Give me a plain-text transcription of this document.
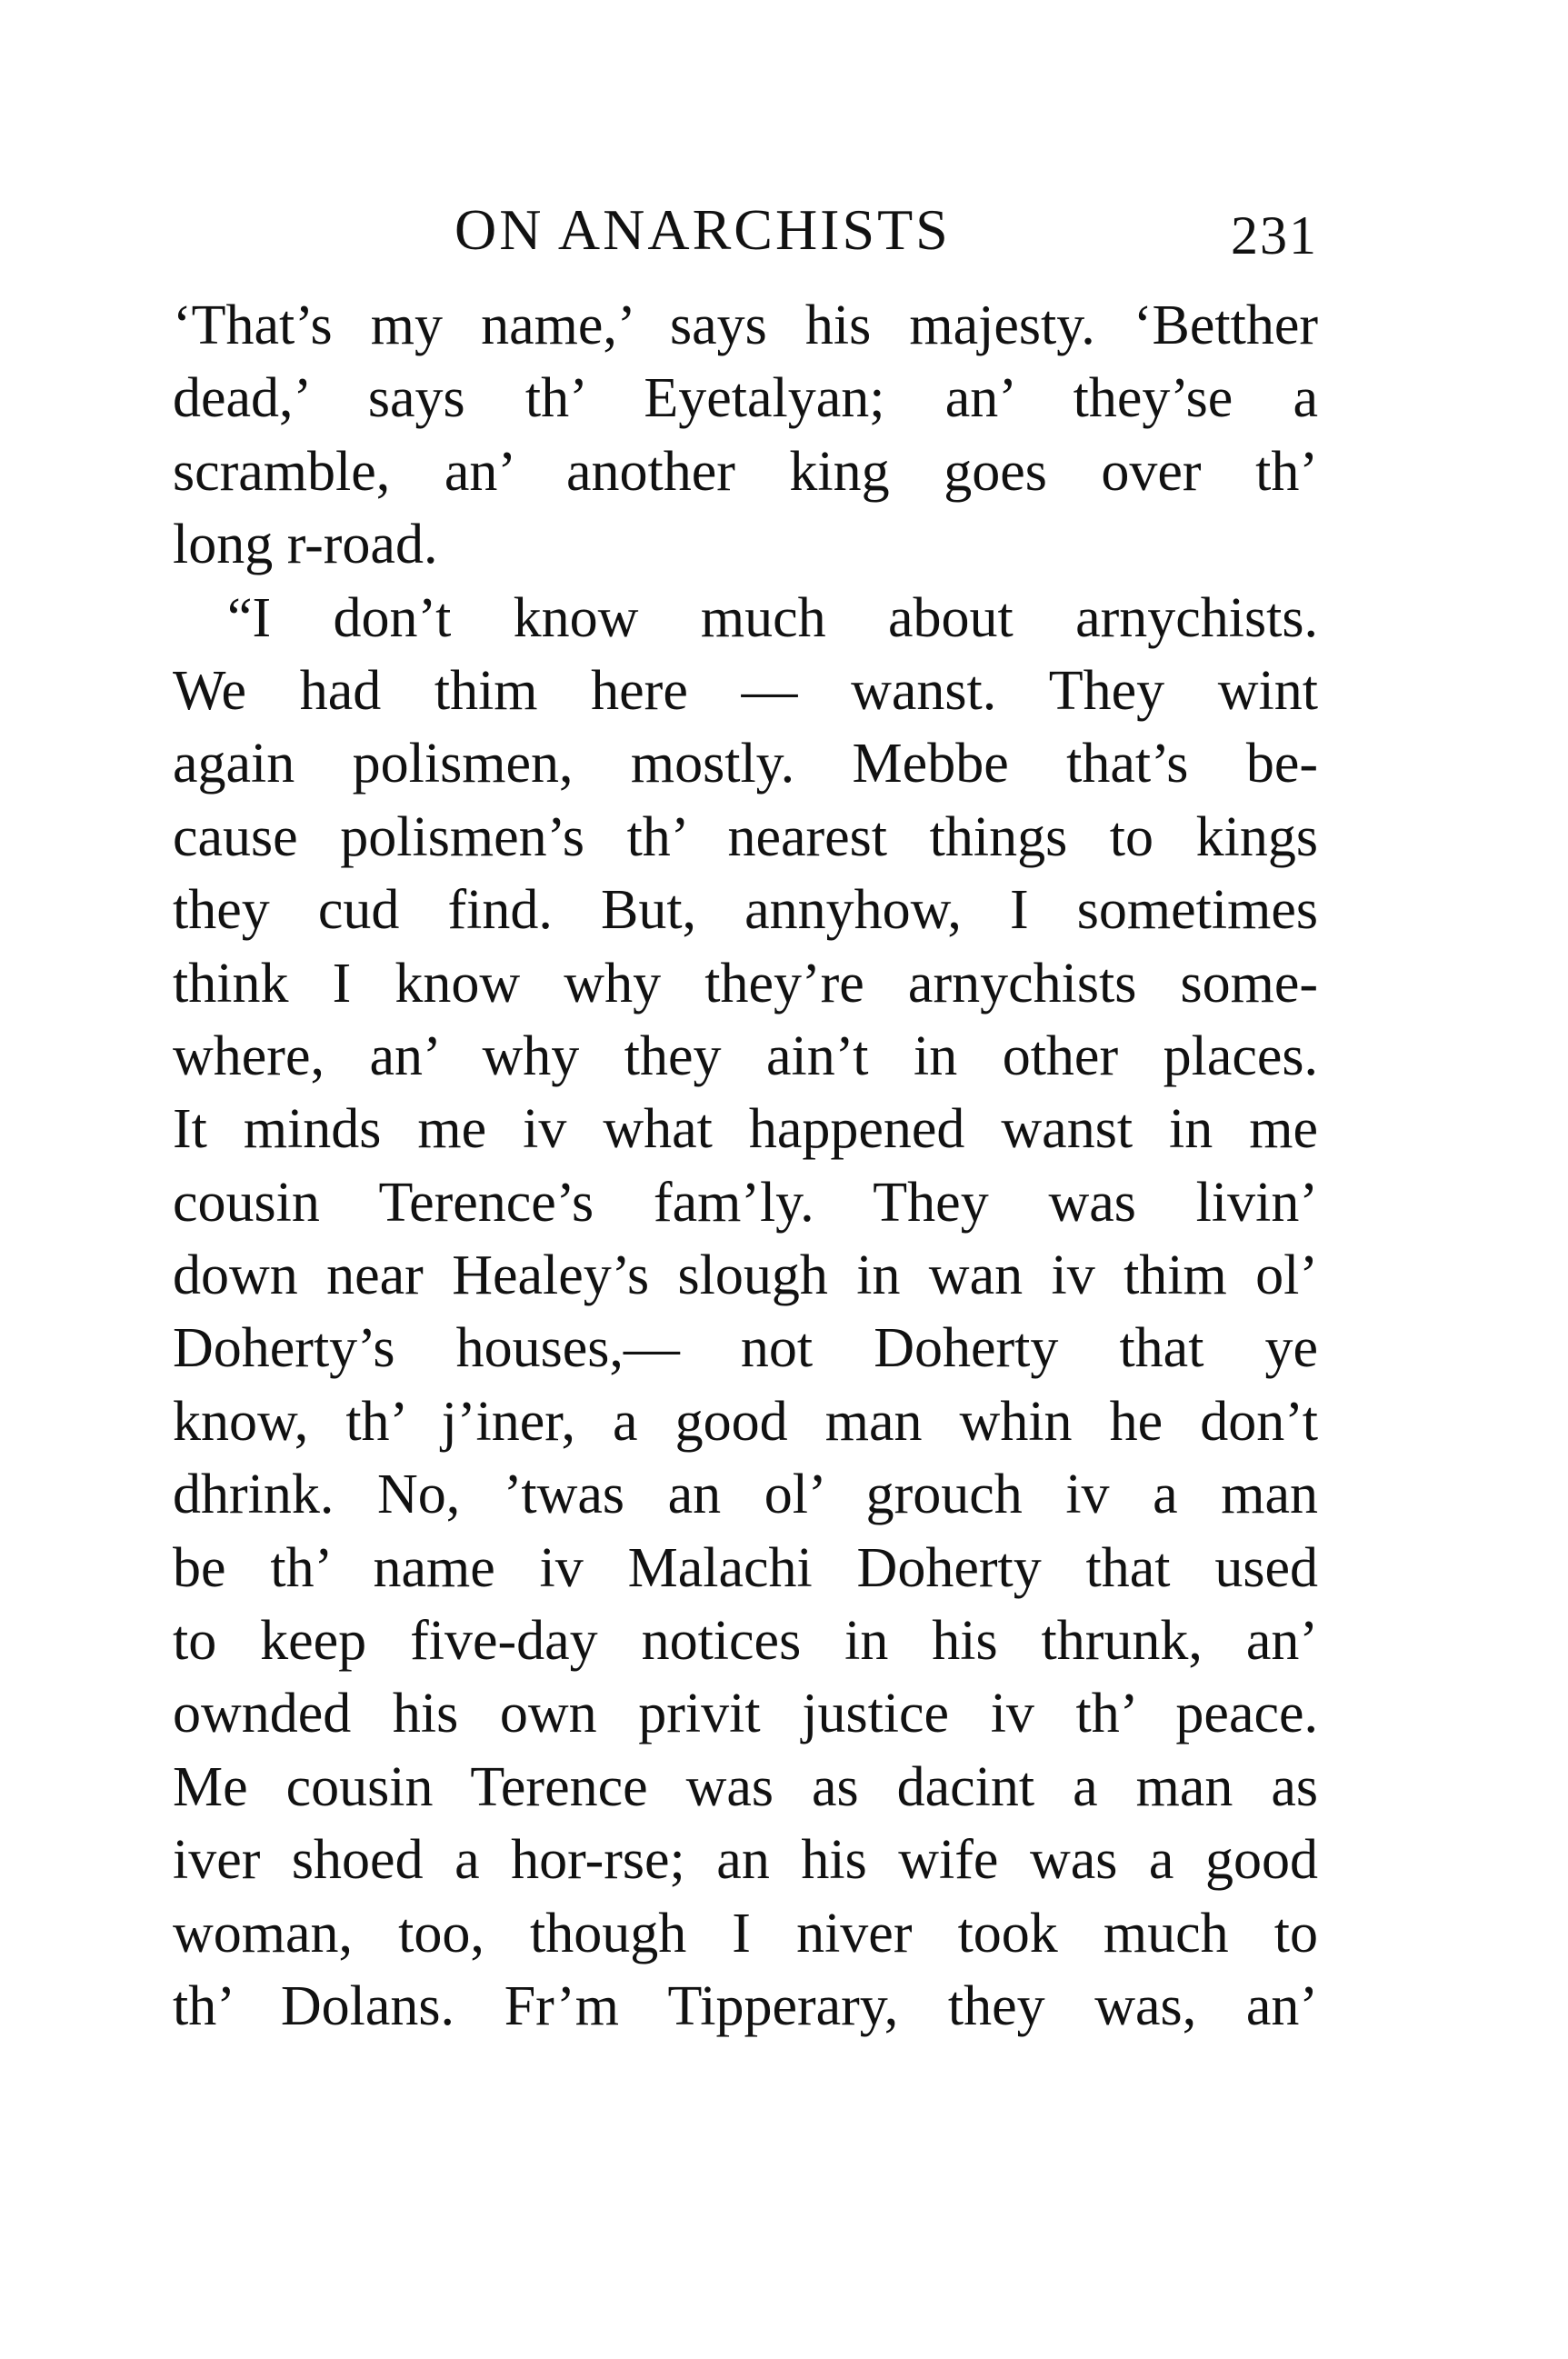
ON ANARCHISTS	231
‘That’s my name,’ says his majesty. ‘Betther
dead,’ says th’ Eyetalyan; an’ they’se a
scramble, an’ another king goes over th’
long r-road.
“I don’t know much about arnychists.
We had thim here — wanst. They wint
again polismen, mostly. Mebbe that’s be-
cause polismen’s th’ nearest things to kings
they cud find. But, annyhow, I sometimes
think I know why they’re arnychists some-
where, an’ why they ain’t in other places.
It minds me iv what happened wanst in me
cousin Terence’s fam’ly. They was livin’
down near Healey’s slough in wan iv thim ol’
Doherty’s houses,— not Doherty that ye
know, th’ j’iner, a good man whin he don’t
dhrink. No, ’twas an ol’ grouch iv a man
be th’ name iv Malachi Doherty that used
to keep five-day notices in his thrunk, an’
ownded his own privit justice iv th’ peace.
Me cousin Terence was as dacint a man as
iver shoed a hor-rse; an his wife was a good
woman, too, though I niver took much to
th’ Dolans. Fr’m Tipperary, they was, an’
